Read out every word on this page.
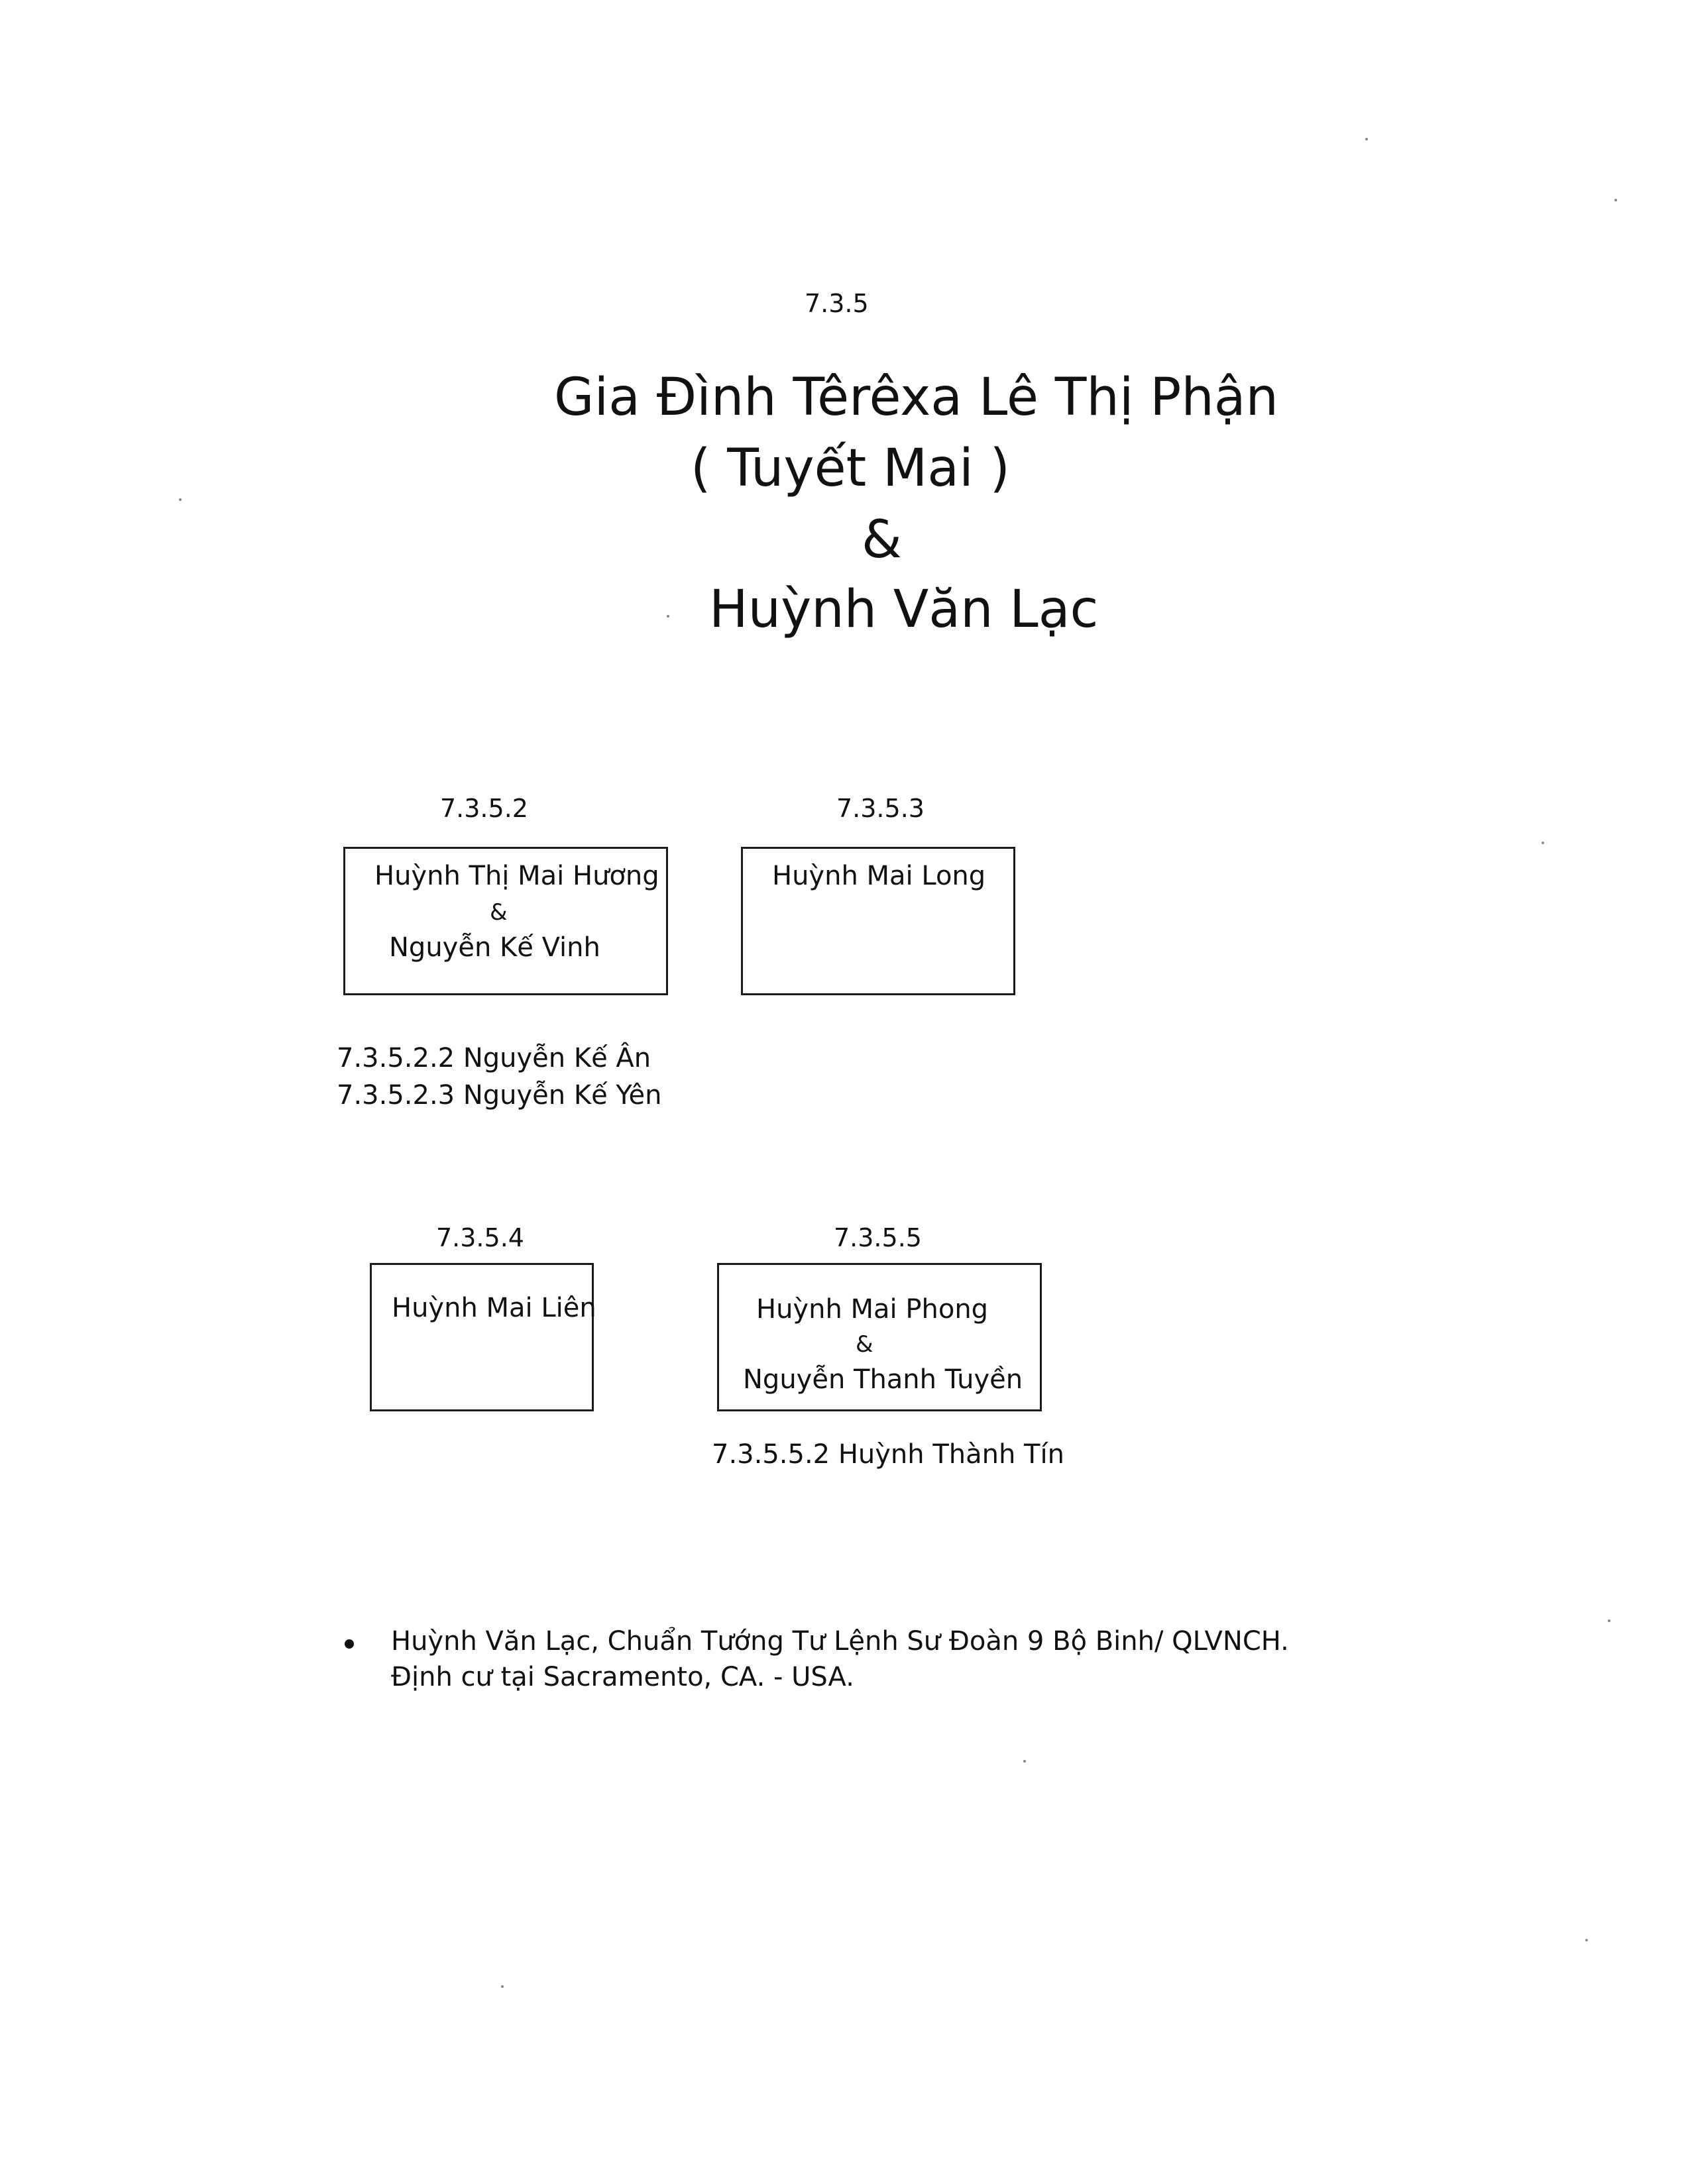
7.3.5
Gia Đình Têrêxa Lê Thị Phận
( Tuyết Mai )
&
Huỳnh Văn Lạc
7.3.5.2
Huỳnh Thị Mai Hương
&
Nguyễn Kế Vinh
7.3.5.2.2 Nguyễn Kế Ân
7.3.5.2.3 Nguyễn Kế Yên
7.3.5.3
Huỳnh Mai Long
7.3.5.4
Huỳnh Mai Liên
7.3.5.5
Huỳnh Mai Phong
&
Nguyễn Thanh Tuyền
7.3.5.5.2 Huỳnh Thành Tín
Huỳnh Văn Lạc, Chuẩn Tướng Tư Lệnh Sư Đoàn 9 Bộ Binh/ QLVNCH.
Định cư tại Sacramento, CA. - USA.
